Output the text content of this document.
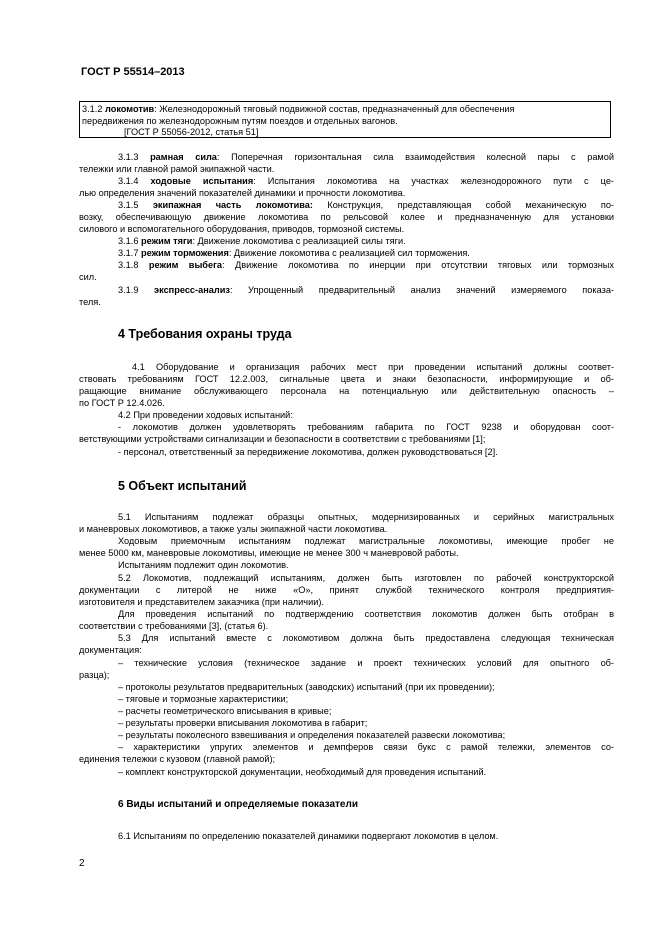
ГОСТ Р 55514–2013
3.1.2 локомотив: Железнодорожный тяговый подвижной состав, предназначенный для обеспечения
передвижения по железнодорожным путям поездов и отдельных вагонов.
[ГОСТ Р 55056-2012, статья 51]
3.1.3 рамная сила: Поперечная горизонтальная сила взаимодействия колесной пары с рамой
тележки или главной рамой экипажной части.
3.1.4 ходовые испытания: Испытания локомотива на участках железнодорожного пути с це-
лью определения значений показателей динамики и прочности локомотива.
3.1.5 экипажная часть локомотива: Конструкция, представляющая собой механическую по-
возку, обеспечивающую движение локомотива по рельсовой колее и предназначенную для установки
силового и вспомогательного оборудования, приводов, тормозной системы.
3.1.6 режим тяги: Движение локомотива с реализацией силы тяги.
3.1.7 режим торможения: Движение локомотива с реализацией сил торможения.
3.1.8 режим выбега: Движение локомотива по инерции при отсутствии тяговых или тормозных
сил.
3.1.9 экспресс-анализ: Упрощенный предварительный анализ значений измеряемого показа-
теля.
4 Требования охраны труда
4.1 Оборудование и организация рабочих мест при проведении испытаний должны соответ-
ствовать требованиям ГОСТ 12.2.003, сигнальные цвета и знаки безопасности, информирующие и об-
ращающие внимание обслуживающего персонала на потенциальную или действительную опасность –
по ГОСТ Р 12.4.026.
4.2 При проведении ходовых испытаний:
- локомотив должен удовлетворять требованиям габарита по ГОСТ 9238 и оборудован соот-
ветствующими устройствами сигнализации и безопасности в соответствии с требованиями [1];
- персонал, ответственный за передвижение локомотива, должен руководствоваться [2].
5 Объект испытаний
5.1 Испытаниям подлежат образцы опытных, модернизированных и серийных магистральных
и маневровых локомотивов, а также узлы экипажной части локомотива.
Ходовым приемочным испытаниям подлежат магистральные локомотивы, имеющие пробег не
менее 5000 км, маневровые локомотивы, имеющие не менее 300 ч маневровой работы.
Испытаниям подлежит один локомотив.
5.2 Локомотив, подлежащий испытаниям, должен быть изготовлен по рабочей конструкторской
документации с литерой не ниже «О», принят службой технического контроля предприятия-
изготовителя и представителем заказчика (при наличии).
Для проведения испытаний по подтверждению соответствия локомотив должен быть отобран в
соответствии с требованиями [3], (статья 6).
5.3 Для испытаний вместе с локомотивом должна быть предоставлена следующая техническая
документация:
– технические условия (техническое задание и проект технических условий для опытного об-
разца);
– протоколы результатов предварительных (заводских) испытаний (при их проведении);
– тяговые и тормозные характеристики;
– расчеты геометрического вписывания в кривые;
– результаты проверки вписывания локомотива в габарит;
– результаты поколесного взвешивания и определения показателей развески локомотива;
– характеристики упругих элементов и демпферов связи букс с рамой тележки, элементов со-
единения тележки с кузовом (главной рамой);
– комплект конструкторской документации, необходимый для проведения испытаний.
6 Виды испытаний и определяемые показатели
6.1 Испытаниям по определению показателей динамики подвергают локомотив в целом.
2
